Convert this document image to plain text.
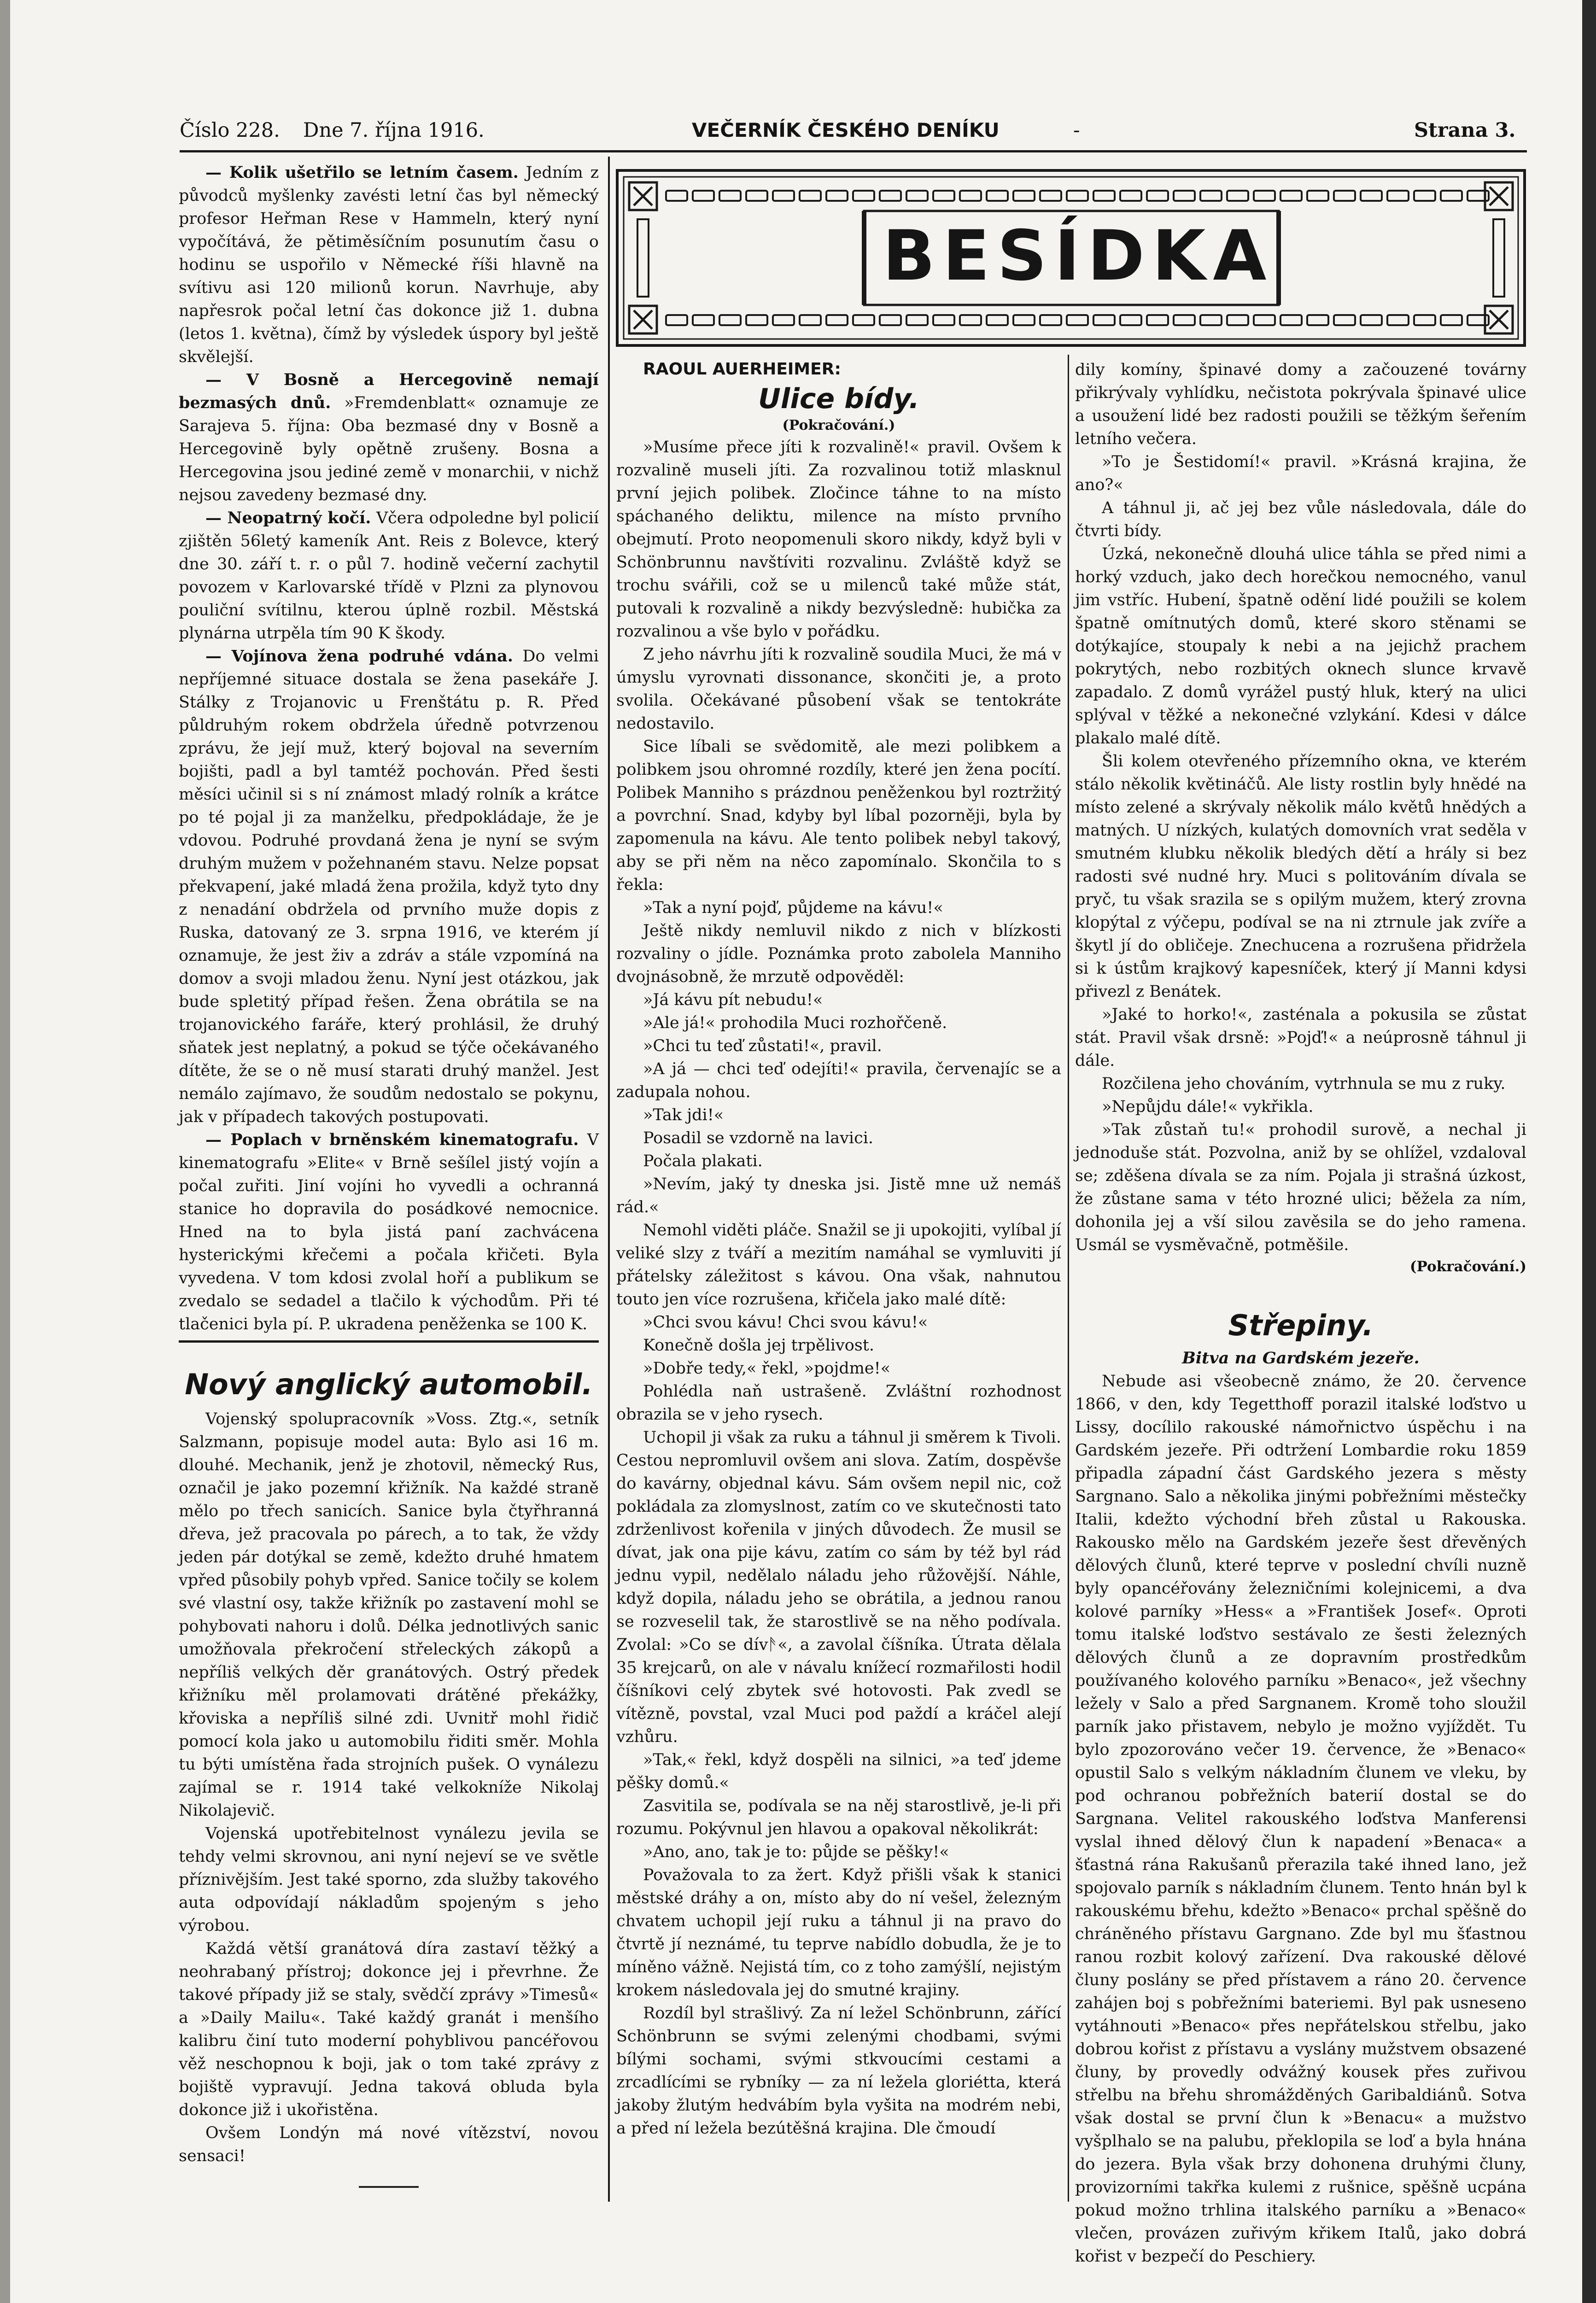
Číslo 228. Dne 7. října 1916.	VEČERNÍK ČESKÉHO DENÍKU	-	Strana 3.

— Kolik ušetřilo se letním časem. Jedním z původců myšlenky zavésti letní čas byl německý profesor Heřman Rese v Hammeln, který nyní vypočítává, že pětiměsíčním posunutím času o hodinu se uspořilo v Německé říši hlavně na svítivu asi 120 milionů korun. Navrhuje, aby napřesrok počal letní čas dokonce již 1. dubna (letos 1. května), čímž by výsledek úspory byl ještě skvělejší.

— V Bosně a Hercegovině nemají bezmasých dnů. »Fremdenblatt« oznamuje ze Sarajeva 5. října: Oba bezmasé dny v Bosně a Hercegovině byly opětně zrušeny. Bosna a Hercegovina jsou jediné země v monarchii, v nichž nejsou zavedeny bezmasé dny.

— Neopatrný kočí. Včera odpoledne byl policií zjištěn 56letý kameník Ant. Reis z Bolevce, který dne 30. září t. r. o půl 7. hodině večerní zachytil povozem v Karlovarské třídě v Plzni za plynovou pouliční svítilnu, kterou úplně rozbil. Městská plynárna utrpěla tím 90 K škody.

— Vojínova žena podruhé vdána. Do velmi nepříjemné situace dostala se žena pasekáře J. Stálky z Trojanovic u Frenštátu p. R. Před půldruhým rokem obdržela úředně potvrzenou zprávu, že její muž, který bojoval na severním bojišti, padl a byl tamtéž pochován. Před šesti měsíci učinil si s ní známost mladý rolník a krátce po té pojal ji za manželku, předpokládaje, že je vdovou. Podruhé provdaná žena je nyní se svým druhým mužem v požehnaném stavu. Nelze popsat překvapení, jaké mladá žena prožila, když tyto dny z nenadání obdržela od prvního muže dopis z Ruska, datovaný ze 3. srpna 1916, ve kterém jí oznamuje, že jest živ a zdráv a stále vzpomíná na domov a svoji mladou ženu. Nyní jest otázkou, jak bude spletitý případ řešen. Žena obrátila se na trojanovického faráře, který prohlásil, že druhý sňatek jest neplatný, a pokud se týče očekávaného dítěte, že se o ně musí starati druhý manžel. Jest nemálo zajímavo, že soudům nedostalo se pokynu, jak v případech takových postupovati.

— Poplach v brněnském kinematografu. V kinematografu »Elite« v Brně sešílel jistý vojín a počal zuřiti. Jiní vojíni ho vyvedli a ochranná stanice ho dopravila do posádkové nemocnice. Hned na to byla jistá paní zachvácena hysterickými křečemi a počala křičeti. Byla vyvedena. V tom kdosi zvolal hoří a publikum se zvedalo se sedadel a tlačilo k východům. Při té tlačenici byla pí. P. ukradena peněženka se 100 K.

Nový anglický automobil.

Vojenský spolupracovník »Voss. Ztg.«, setník Salzmann, popisuje model auta: Bylo asi 16 m. dlouhé. Mechanik, jenž je zhotovil, německý Rus, označil je jako pozemní křižník. Na každé straně mělo po třech sanicích. Sanice byla čtyřhranná dřeva, jež pracovala po párech, a to tak, že vždy jeden pár dotýkal se země, kdežto druhé hmatem vpřed působily pohyb vpřed. Sanice točily se kolem své vlastní osy, takže křižník po zastavení mohl se pohybovati nahoru i dolů. Délka jednotlivých sanic umožňovala překročení střeleckých zákopů a nepříliš velkých děr granátových. Ostrý předek křižníku měl prolamovati drátěné překážky, křoviska a nepříliš silné zdi. Uvnitř mohl řidič pomocí kola jako u automobilu řiditi směr. Mohla tu býti umístěna řada strojních pušek. O vynálezu zajímal se r. 1914 také velkokníže Nikolaj Nikolajevič.

Vojenská upotřebitelnost vynálezu jevila se tehdy velmi skrovnou, ani nyní nejeví se ve světle příznivějším. Jest také sporno, zda služby takového auta odpovídají nákladům spojeným s jeho výrobou.

Každá větší granátová díra zastaví těžký a neohrabaný přístroj; dokonce jej i převrhne. Že takové případy již se staly, svědčí zprávy »Timesů« a »Daily Mailu«. Také každý granát i menšího kalibru činí tuto moderní pohyblivou pancéřovou věž neschopnou k boji, jak o tom také zprávy z bojiště vypravují. Jedna taková obluda byla dokonce již i ukořistěna.

Ovšem Londýn má nové vítězství, novou sensaci!

BESÍDKA

RAOUL AUERHEIMER:

Ulice bídy.
(Pokračování.)

»Musíme přece jíti k rozvalině!« pravil. Ovšem k rozvalině museli jíti. Za rozvalinou totiž mlasknul první jejich polibek. Zločince táhne to na místo spáchaného deliktu, milence na místo prvního obejmutí. Proto neopomenuli skoro nikdy, když byli v Schönbrunnu navštíviti rozvalinu. Zvláště když se trochu svářili, což se u milenců také může stát, putovali k rozvalině a nikdy bezvýsledně: hubička za rozvalinou a vše bylo v pořádku.

Z jeho návrhu jíti k rozvalině soudila Muci, že má v úmyslu vyrovnati dissonance, skončiti je, a proto svolila. Očekávané působení však se tentokráte nedostavilo.

Sice líbali se svědomitě, ale mezi polibkem a polibkem jsou ohromné rozdíly, které jen žena pocítí. Polibek Manniho s prázdnou peněženkou byl roztržitý a povrchní. Snad, kdyby byl líbal pozorněji, byla by zapomenula na kávu. Ale tento polibek nebyl takový, aby se při něm na něco zapomínalo. Skončila to s řekla:

»Tak a nyní pojď, půjdeme na kávu!«

Ještě nikdy nemluvil nikdo z nich v blízkosti rozvaliny o jídle. Poznámka proto zabolela Manniho dvojnásobně, že mrzutě odpověděl:

»Já kávu pít nebudu!«

»Ale já!« prohodila Muci rozhořčeně.

»Chci tu teď zůstati!«, pravil.

»A já — chci teď odejíti!« pravila, červenajíc se a zadupala nohou.

»Tak jdi!«

Posadil se vzdorně na lavici.

Počala plakati.

»Nevím, jaký ty dneska jsi. Jistě mne už nemáš rád.«

Nemohl viděti pláče. Snažil se ji upokojiti, vylíbal jí veliké slzy z tváří a mezitím namáhal se vymluviti jí přátelsky záležitost s kávou. Ona však, nahnutou touto jen více rozrušena, křičela jako malé dítě:

»Chci svou kávu! Chci svou kávu!«

Konečně došla jej trpělivost.

»Dobře tedy,« řekl, »pojdme!«

Pohlédla naň ustrašeně. Zvláštní rozhodnost obrazila se v jeho rysech.

Uchopil ji však za ruku a táhnul ji směrem k Tivoli. Cestou nepromluvil ovšem ani slova. Zatím, dospěvše do kavárny, objednal kávu. Sám ovšem nepil nic, což pokládala za zlomyslnost, zatím co ve skutečnosti tato zdrženlivost kořenila v jiných důvodech. Že musil se dívat, jak ona pije kávu, zatím co sám by též byl rád jednu vypil, nedělalo náladu jeho růžovější. Náhle, když dopila, náladu jeho se obrátila, a jednou ranou se rozveselil tak, že starostlivě se na něho podívala. Zvolal: »Co se dívᚫ«, a zavolal číšníka. Útrata dělala 35 krejcarů, on ale v návalu knížecí rozmařilosti hodil číšníkovi celý zbytek své hotovosti. Pak zvedl se vítězně, povstal, vzal Muci pod paždí a kráčel alejí vzhůru.

»Tak,« řekl, když dospěli na silnici, »a teď jdeme pěšky domů.«

Zasvitila se, podívala se na něj starostlivě, je-li při rozumu. Pokývnul jen hlavou a opakoval několikrát:

»Ano, ano, tak je to: půjde se pěšky!«

Považovala to za žert. Když přišli však k stanici městské dráhy a on, místo aby do ní vešel, železným chvatem uchopil její ruku a táhnul ji na pravo do čtvrtě jí neznámé, tu teprve nabídlo dobudla, že je to míněno vážně. Nejistá tím, co z toho zamýšlí, nejistým krokem následovala jej do smutné krajiny.

Rozdíl byl strašlivý. Za ní ležel Schönbrunn, zářící Schönbrunn se svými zelenými chodbami, svými bílými sochami, svými stkvoucími cestami a zrcadlícími se rybníky — za ní ležela gloriétta, která jakoby žlutým hedvábím byla vyšita na modrém nebi, a před ní ležela bezútěšná krajina. Dle čmoudí

dily komíny, špinavé domy a začouzené továrny přikrývaly vyhlídku, nečistota pokrývala špinavé ulice a usoužení lidé bez radosti použili se těžkým šeřením letního večera.

»To je Šestidomí!« pravil. »Krásná krajina, že ano?«

A táhnul ji, ač jej bez vůle následovala, dále do čtvrti bídy.

Úzká, nekonečně dlouhá ulice táhla se před nimi a horký vzduch, jako dech horečkou nemocného, vanul jim vstříc. Hubení, špatně odění lidé použili se kolem špatně omítnutých domů, které skoro stěnami se dotýkajíce, stoupaly k nebi a na jejichž prachem pokrytých, nebo rozbitých oknech slunce krvavě zapadalo. Z domů vyrážel pustý hluk, který na ulici splýval v těžké a nekonečné vzlykání. Kdesi v dálce plakalo malé dítě.

Šli kolem otevřeného přízemního okna, ve kterém stálo několik květináčů. Ale listy rostlin byly hnědé na místo zelené a skrývaly několik málo květů hnědých a matných. U nízkých, kulatých domovních vrat seděla v smutném klubku několik bledých dětí a hrály si bez radosti své nudné hry. Muci s politováním dívala se pryč, tu však srazila se s opilým mužem, který zrovna klopýtal z výčepu, podíval se na ni ztrnule jak zvíře a škytl jí do obličeje. Znechucena a rozrušena přidržela si k ústům krajkový kapesníček, který jí Manni kdysi přivezl z Benátek.

»Jaké to horko!«, zasténala a pokusila se zůstat stát. Pravil však drsně: »Pojď!« a neúprosně táhnul ji dále.

Rozčilena jeho chováním, vytrhnula se mu z ruky.

»Nepůjdu dále!« vykřikla.

»Tak zůstaň tu!« prohodil surově, a nechal ji jednoduše stát. Pozvolna, aniž by se ohlížel, vzdaloval se; zděšena dívala se za ním. Pojala ji strašná úzkost, že zůstane sama v této hrozné ulici; běžela za ním, dohonila jej a vší silou zavěsila se do jeho ramena. Usmál se vysměvačně, potměšile.

(Pokračování.)
Střepiny.
Bitva na Gardském jezeře.

Nebude asi všeobecně známo, že 20. července 1866, v den, kdy Tegetthoff porazil italské loďstvo u Lissy, docílilo rakouské námořnictvo úspěchu i na Gardském jezeře. Při odtržení Lombardie roku 1859 připadla západní část Gardského jezera s městy Sargnano. Salo a několika jinými pobřežními městečky Italii, kdežto východní břeh zůstal u Rakouska. Rakousko mělo na Gardském jezeře šest dřevěných dělových člunů, které teprve v poslední chvíli nuzně byly opancéřovány železničními kolejnicemi, a dva kolové parníky »Hess« a »František Josef«. Oproti tomu italské loďstvo sestávalo ze šesti železných dělových člunů a ze dopravním prostředkům používaného kolového parníku »Benaco«, jež všechny ležely v Salo a před Sargnanem. Kromě toho sloužil parník jako přistavem, nebylo je možno vyjíždět. Tu bylo zpozorováno večer 19. července, že »Benaco« opustil Salo s velkým nákladním člunem ve vleku, by pod ochranou pobřežních baterií dostal se do Sargnana. Velitel rakouského loďstva Manferensi vyslal ihned dělový člun k napadení »Benaca« a šťastná rána Rakušanů přerazila také ihned lano, jež spojovalo parník s nákladním člunem. Tento hnán byl k rakouskému břehu, kdežto »Benaco« prchal spěšně do chráněného přístavu Gargnano. Zde byl mu šťastnou ranou rozbit kolový zařízení. Dva rakouské dělové čluny poslány se před přístavem a ráno 20. července zahájen boj s pobřežními bateriemi. Byl pak usneseno vytáhnouti »Benaco« přes nepřátelskou střelbu, jako dobrou kořist z přístavu a vyslány mužstvem obsazené čluny, by provedly odvážný kousek přes zuřivou střelbu na břehu shromážděných Garibaldiánů. Sotva však dostal se první člun k »Benacu« a mužstvo vyšplhalo se na palubu, překlopila se loď a byla hnána do jezera. Byla však brzy dohonena druhými čluny, provizorními takřka kulemi z rušnice, spěšně ucpána pokud možno trhlina italského parníku a »Benaco« vlečen, provázen zuřivým křikem Italů, jako dobrá kořist v bezpečí do Peschiery.
